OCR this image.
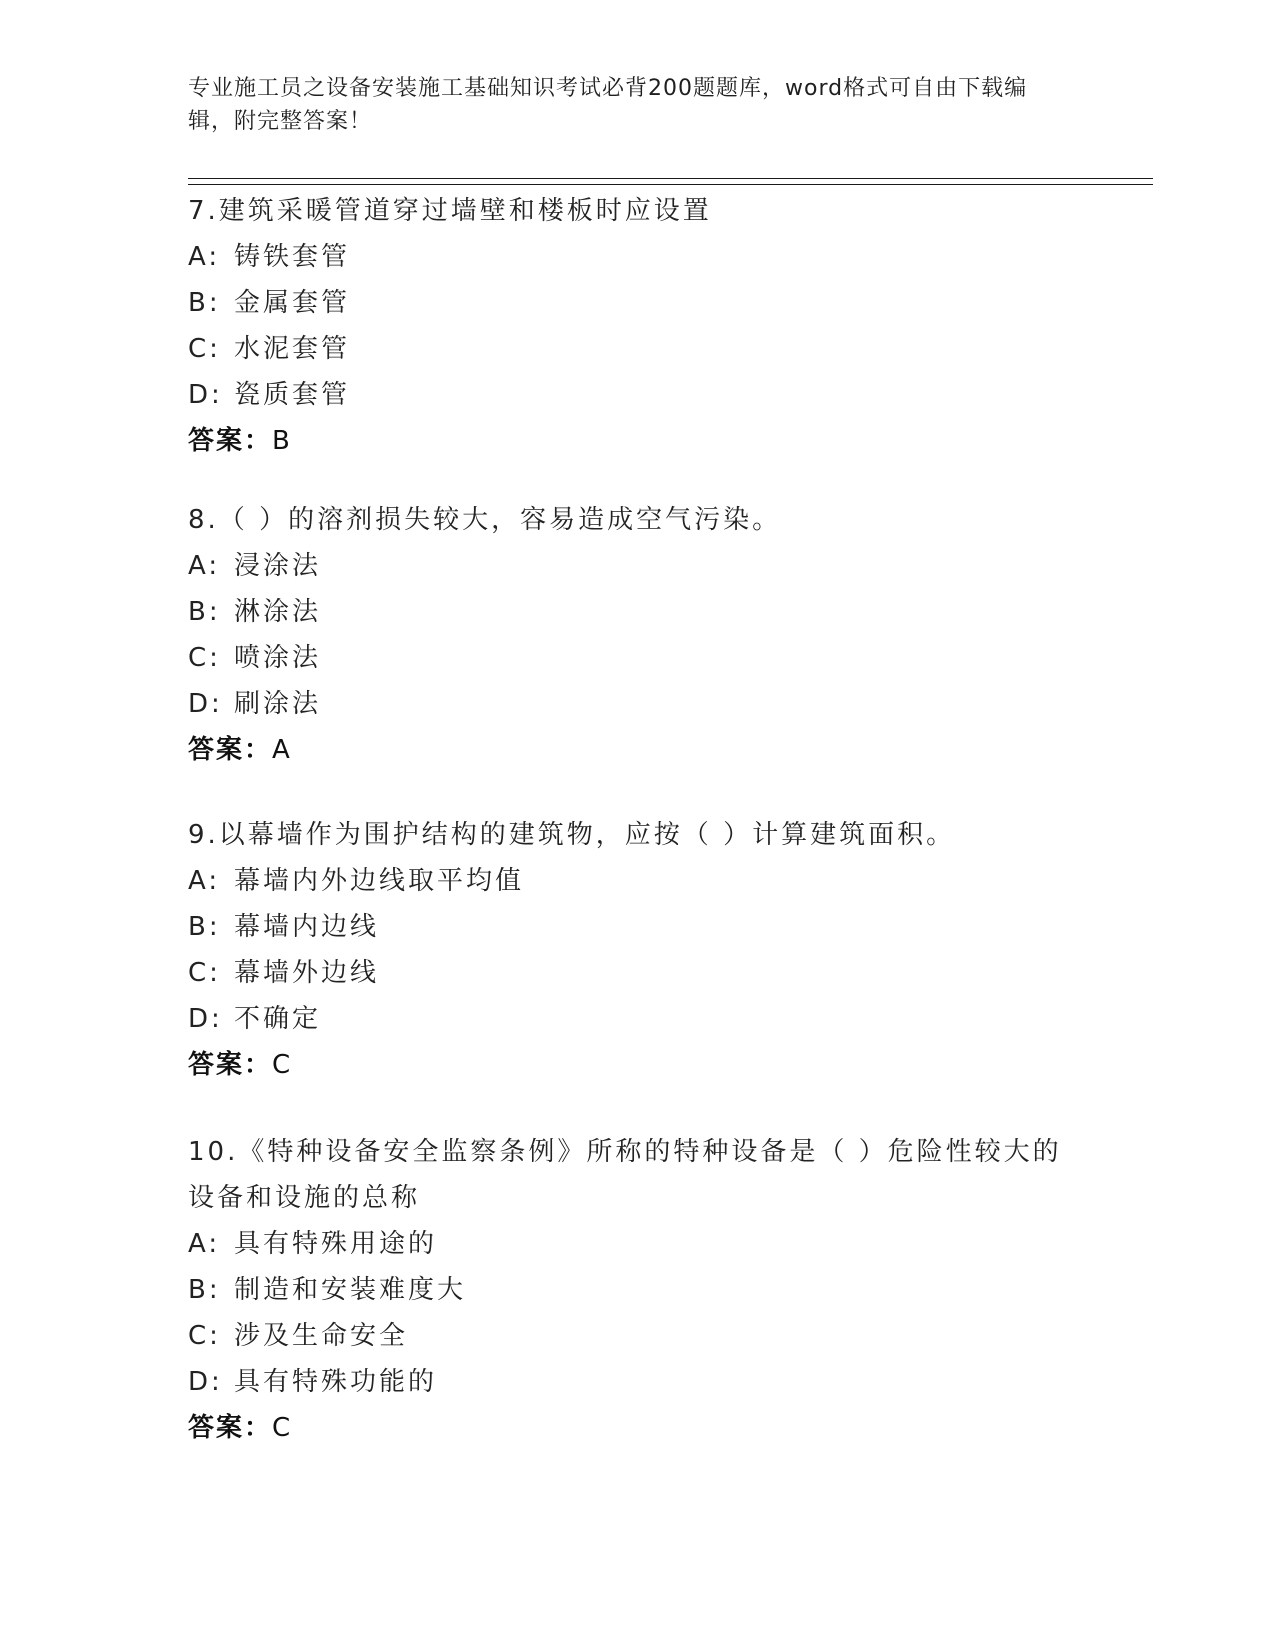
专业施工员之设备安装施工基础知识考试必背200题题库，word格式可自由下载编辑，附完整答案！
7.建筑采暖管道穿过墙壁和楼板时应设置
A: 铸铁套管
B: 金属套管
C: 水泥套管
D: 瓷质套管
答案：B
8.（ ）的溶剂损失较大，容易造成空气污染。
A: 浸涂法
B: 淋涂法
C: 喷涂法
D: 刷涂法
答案：A
9.以幕墙作为围护结构的建筑物，应按（ ）计算建筑面积。
A: 幕墙内外边线取平均值
B: 幕墙内边线
C: 幕墙外边线
D: 不确定
答案：C
10.《特种设备安全监察条例》所称的特种设备是（ ）危险性较大的设备和设施的总称
A: 具有特殊用途的
B: 制造和安装难度大
C: 涉及生命安全
D: 具有特殊功能的
答案：C
